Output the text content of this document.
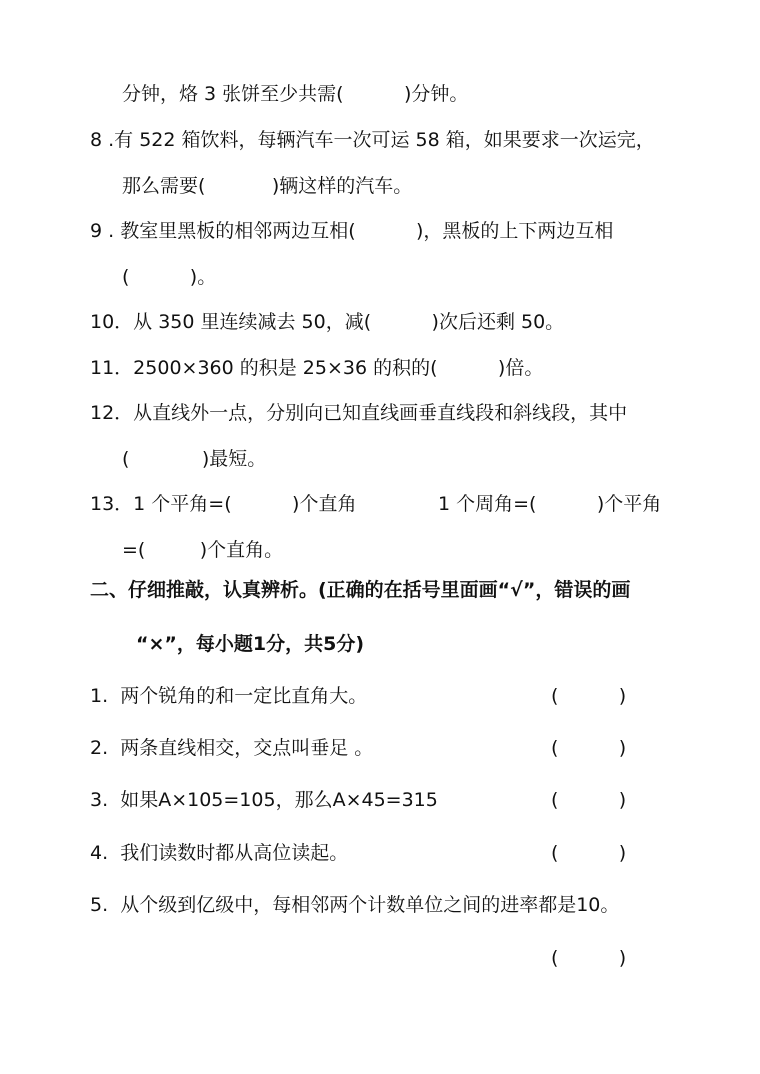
分钟，烙 3 张饼至少共需(          )分钟。
8 .有 522 箱饮料，每辆汽车一次可运 58 箱，如果要求一次运完，
那么需要(           )辆这样的汽车。
9 . 教室里黑板的相邻两边互相(          )，黑板的上下两边互相
(          )。
10．从 350 里连续减去 50，减(          )次后还剩 50。
11．2500×360 的积是 25×36 的积的(          )倍。
12．从直线外一点，分别向已知直线画垂直线段和斜线段，其中
(            )最短。
13．1 个平角=(          )个直角	1 个周角=(          )个平角
=(         )个直角。
二、仔细推敲，认真辨析。(正确的在括号里面画“√”，错误的画
“×”，每小题1分，共5分)
1.  两个锐角的和一定比直角大。	(          )
2.  两条直线相交，交点叫垂足 。	(          )
3.  如果A×105=105，那么A×45=315	(          )
4.  我们读数时都从高位读起。	(          )
5.  从个级到亿级中，每相邻两个计数单位之间的进率都是10。
(          )
